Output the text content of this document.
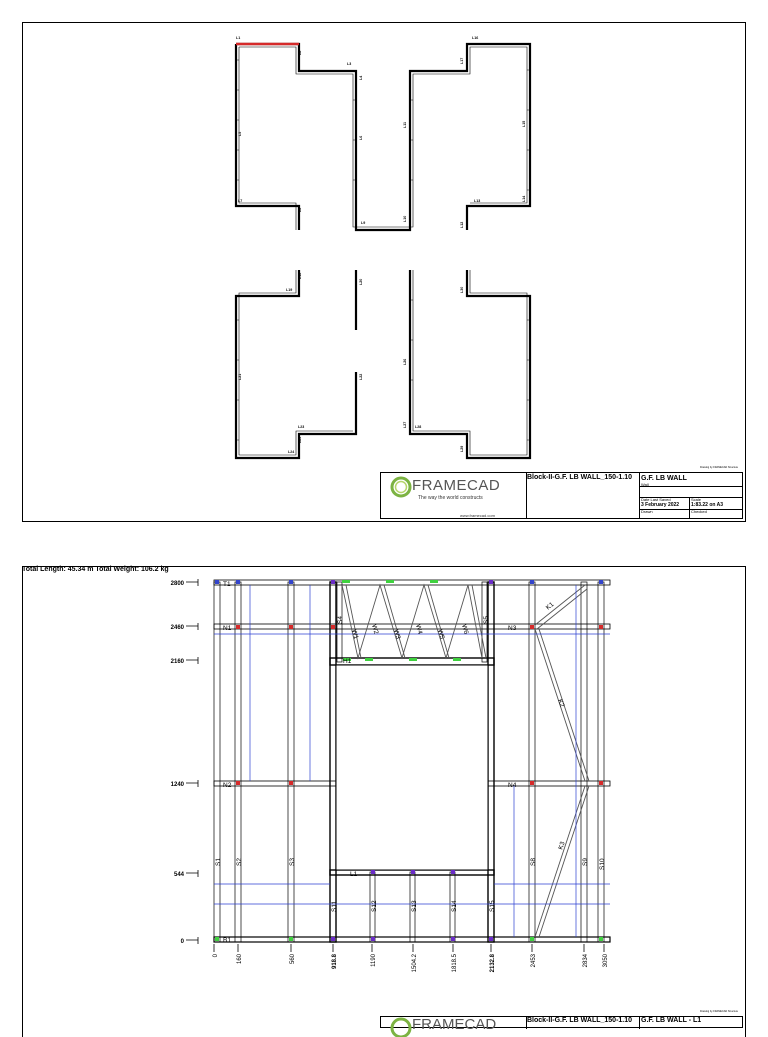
L1
L2
L3
L4
L5
L6
L7
L8
L9
L10
L11
L12
L13	L14
L15
L16
L17
L18
L19
L20
L21	L22
L23
L24
L25
L26
L27 L28
L29
L30
FRAMECAD
The way the world constructs
www.framecad.com
Block-II-G.F. LB WALL_150-1.10 G.F. LB WALL
Wall
Date Last Saved
3 February 2022
Scale
1:83.22 on A3
Drawn	Checked
Drawing by FRAMECAD Structure
Total Length: 45.34 m Total Weight: 106.2 kg
T1
N1
N2
N3
N4
H1
L1
B1
K1
K2
K3
W1 W2 W3 W4 W5 W6
S1 S2	S3
S4	S5
S11	S12	S13	S14	S15
S8	S9 S10
2800
2460
2160
1240
544
0
0	160	560	918.8	1190	1504.2	1818.5	2132.8	2453	2834 3050
Block-II-G.F. LB WALL_150-1.10 G.F. LB WALL - L1
Drawing by FRAMECAD Structure
